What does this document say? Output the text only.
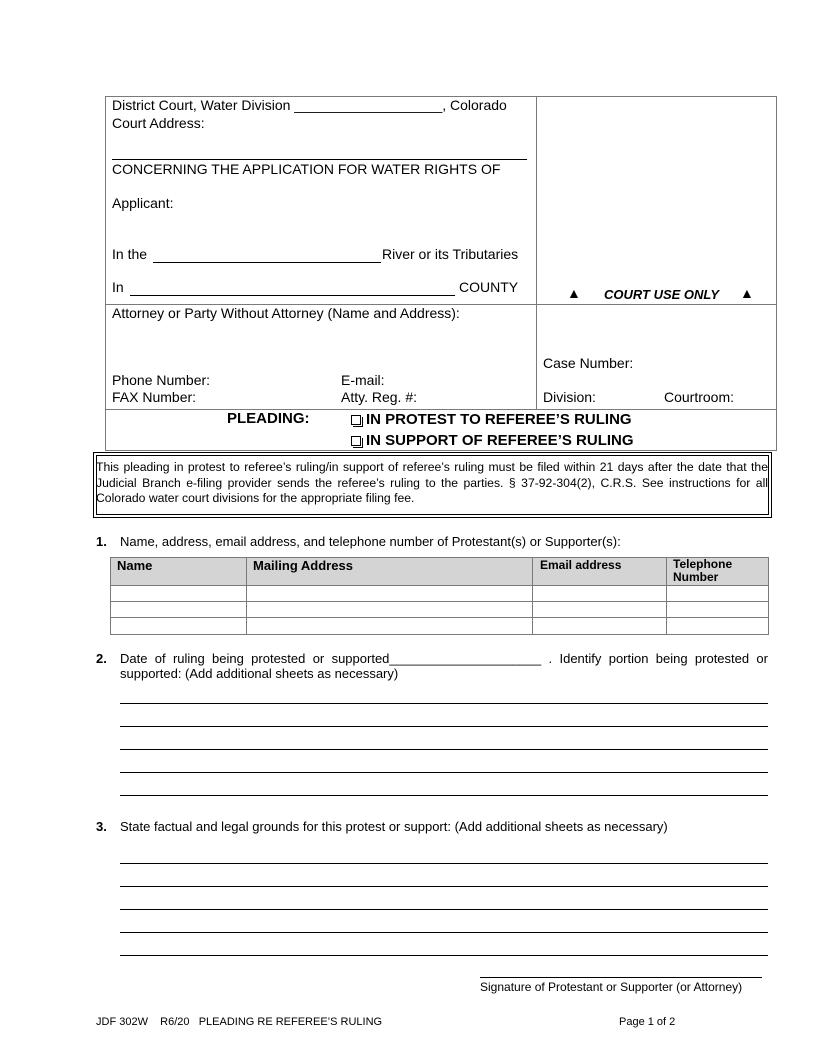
District Court, Water Division ___________________, Colorado
Court Address:
CONCERNING THE APPLICATION FOR WATER RIGHTS OF
Applicant:
In the	River or its Tributaries
In	COUNTY	▲ COURT USE ONLY ▲
Attorney or Party Without Attorney (Name and Address):
Phone Number:	E-mail:
FAX Number:	Atty. Reg. #:
Case Number:
Division:	Courtroom:
PLEADING:	IN PROTEST TO REFEREE’S RULING
IN SUPPORT OF REFEREE’S RULING
This pleading in protest to referee’s ruling/in support of referee’s ruling must be filed within 21 days after the date that the Judicial Branch e-filing provider sends the referee’s ruling to the parties. § 37-92-304(2), C.R.S. See instructions for all Colorado water court divisions for the appropriate filing fee.
1. Name, address, email address, and telephone number of Protestant(s) or Supporter(s):
Name	Mailing Address	Email address	Telephone Number
2. Date of ruling being protested or supported_____________________ . Identify portion being protested or supported: (Add additional sheets as necessary)
3. State factual and legal grounds for this protest or support: (Add additional sheets as necessary)
Signature of Protestant or Supporter (or Attorney)
JDF 302W    R6/20   PLEADING RE REFEREE’S RULING	Page 1 of 2
